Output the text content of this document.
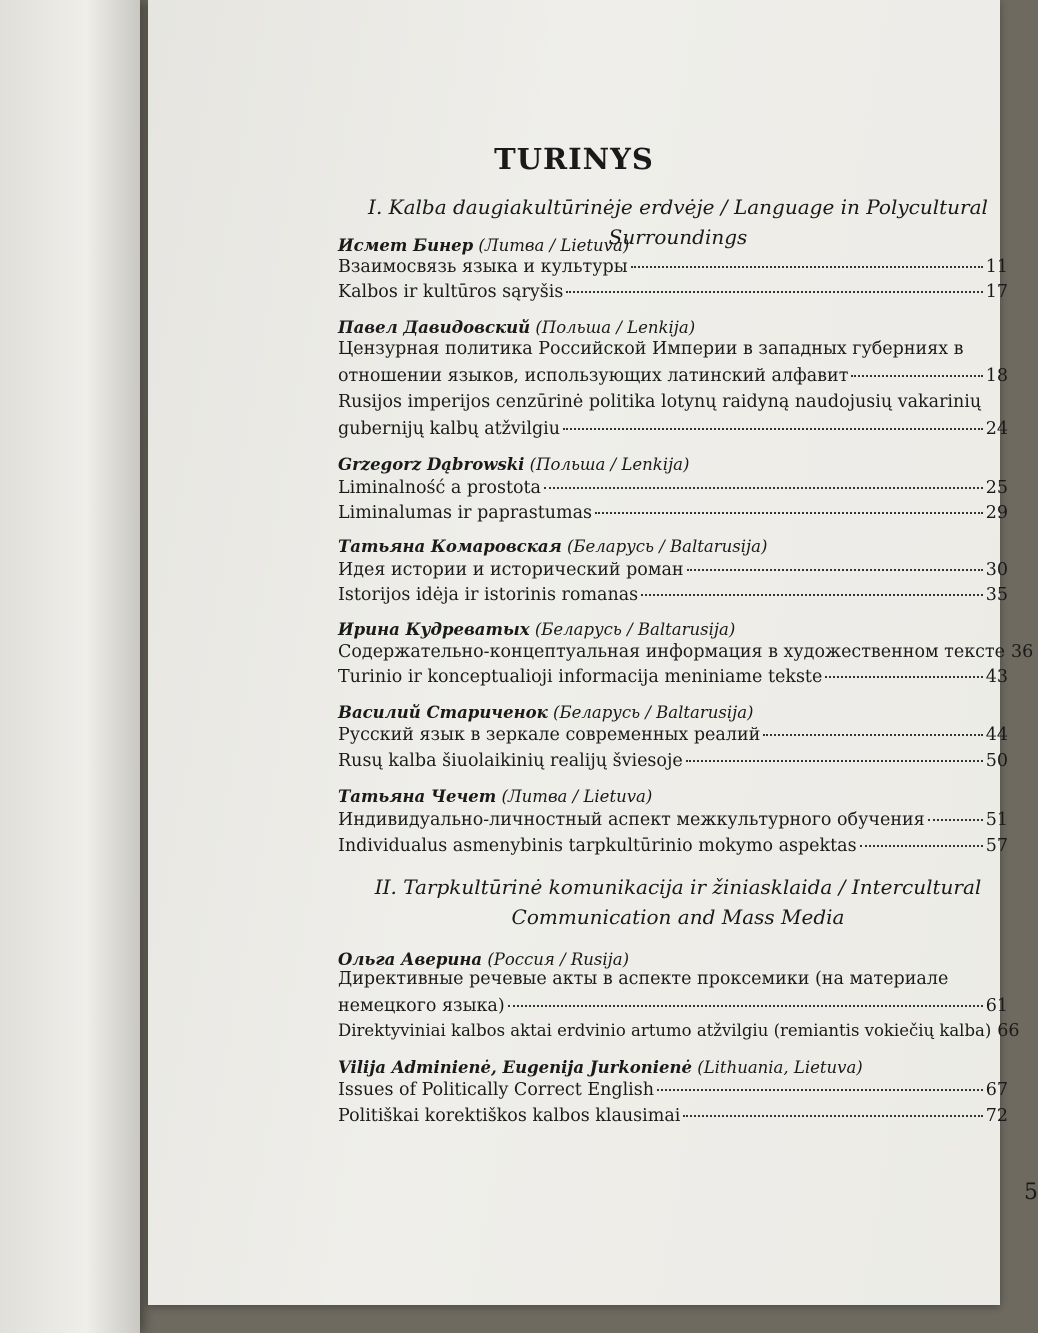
TURINYS
I. Kalba daugiakultūrinėje erdvėje / Language in Polycultural Surroundings
Исмет Бинер (Литва / Lietuva)
Взаимосвязь языка и культуры	11
Kalbos ir kultūros sąryšis	17
Павел Давидовский (Польша / Lenkija)
Цензурная политика Российской Империи в западных губерниях в
отношении языков, использующих латинский алфавит	18
Rusijos imperijos cenzūrinė politika lotynų raidyną naudojusių vakarinių
gubernijų kalbų atžvilgiu	24
Grzegorz Dąbrowski (Польша / Lenkija)
Liminalność a prostota	25
Liminalumas ir paprastumas	29
Татьяна Комаровская (Беларусь / Baltarusija)
Идея истории и исторический роман	30
Istorijos idėja ir istorinis romanas	35
Ирина Кудреватых (Беларусь / Baltarusija)
Содержательно-концептуальная информация в художественном тексте 36
Turinio ir konceptualioji informacija meniniame tekste	43
Василий Стариченок (Беларусь / Baltarusija)
Русский язык в зеркале современных реалий	44
Rusų kalba šiuolaikinių realijų šviesoje	50
Татьяна Чечет (Литва / Lietuva)
Индивидуально-личностный аспект межкультурного обучения	51
Individualus asmenybinis tarpkultūrinio mokymo aspektas	57
II. Tarpkultūrinė komunikacija ir žiniasklaida / Intercultural
Communication and Mass Media
Ольга Аверина (Россия / Rusija)
Директивные речевые акты в аспекте проксемики (на материале
немецкого языка)	61
Direktyviniai kalbos aktai erdvinio artumo atžvilgiu (remiantis vokiečių kalba) 66
Vilija Adminienė, Eugenija Jurkonienė (Lithuania, Lietuva)
Issues of Politically Correct English	67
Politiškai korektiškos kalbos klausimai	72
5
